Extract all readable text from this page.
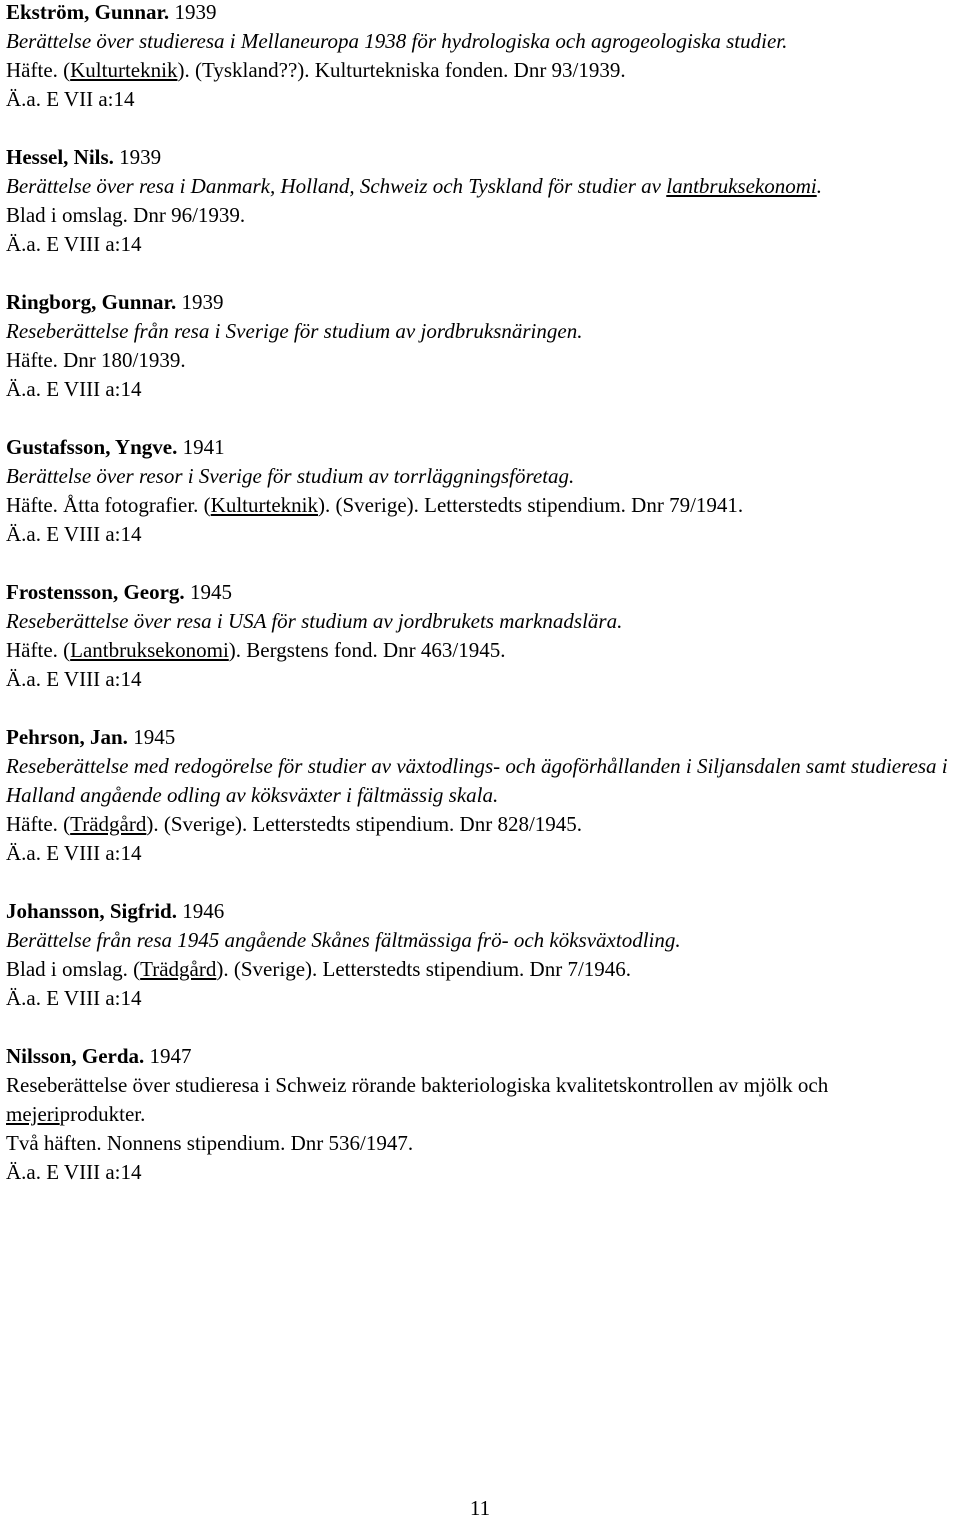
Ekström, Gunnar. 1939
Berättelse över studieresa i Mellaneuropa 1938 för hydrologiska och agrogeologiska studier.
Häfte. (Kulturteknik). (Tyskland??). Kulturtekniska fonden. Dnr 93/1939.
Ä.a. E VII a:14
Hessel, Nils. 1939
Berättelse över resa i Danmark, Holland, Schweiz och Tyskland för studier av lantbruksekonomi.
Blad i omslag. Dnr 96/1939.
Ä.a. E VIII a:14
Ringborg, Gunnar. 1939
Reseberättelse från resa i Sverige för studium av jordbruksnäringen.
Häfte. Dnr 180/1939.
Ä.a. E VIII a:14
Gustafsson, Yngve. 1941
Berättelse över resor i Sverige för studium av torrläggningsföretag.
Häfte. Åtta fotografier. (Kulturteknik). (Sverige). Letterstedts stipendium. Dnr 79/1941.
Ä.a. E VIII a:14
Frostensson, Georg. 1945
Reseberättelse över resa i USA för studium av jordbrukets marknadslära.
Häfte. (Lantbruksekonomi). Bergstens fond. Dnr 463/1945.
Ä.a. E VIII a:14
Pehrson, Jan. 1945
Reseberättelse med redogörelse för studier av växtodlings- och ägoförhållanden i Siljansdalen samt studieresa i Halland angående odling av köksväxter i fältmässig skala.
Häfte. (Trädgård). (Sverige). Letterstedts stipendium. Dnr 828/1945.
Ä.a. E VIII a:14
Johansson, Sigfrid. 1946
Berättelse från resa 1945 angående Skånes fältmässiga frö- och köksväxtodling.
Blad i omslag. (Trädgård). (Sverige). Letterstedts stipendium. Dnr 7/1946.
Ä.a. E VIII a:14
Nilsson, Gerda. 1947
Reseberättelse över studieresa i Schweiz rörande bakteriologiska kvalitetskontrollen av mjölk och mejeriprodukter.
Två häften. Nonnens stipendium. Dnr 536/1947.
Ä.a. E VIII a:14
11
